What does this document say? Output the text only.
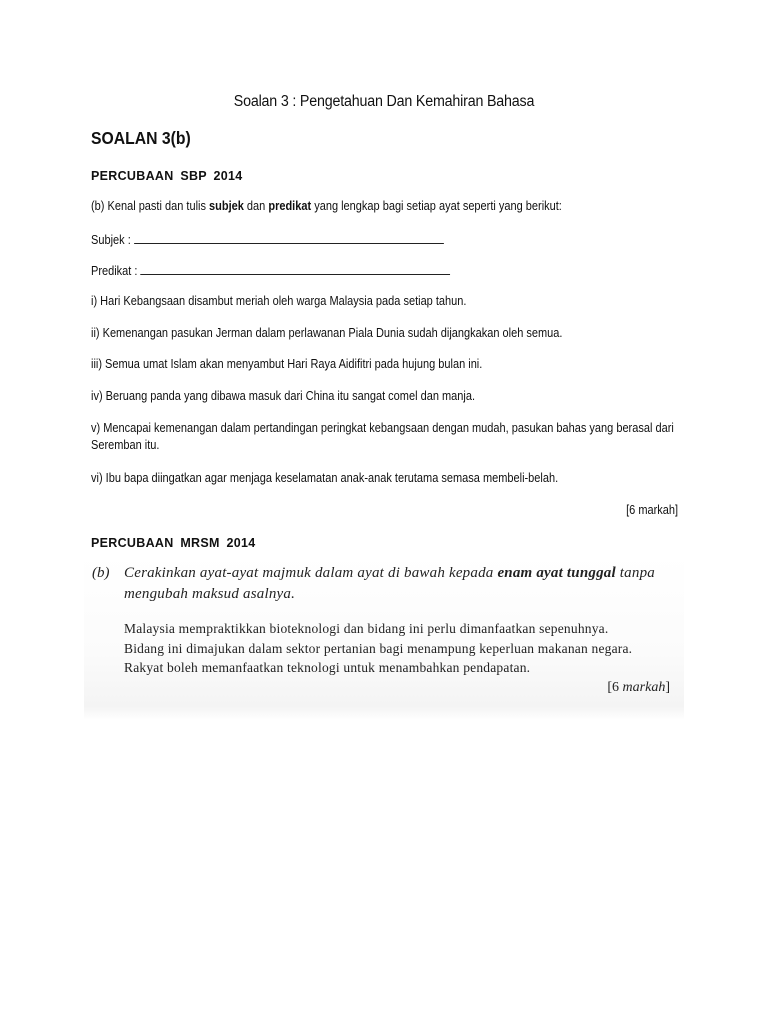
Soalan 3 : Pengetahuan Dan Kemahiran Bahasa
SOALAN 3(b)
PERCUBAAN SBP 2014
(b) Kenal pasti dan tulis subjek dan predikat yang lengkap bagi setiap ayat seperti yang berikut:
Subjek :
Predikat :
i) Hari Kebangsaan disambut meriah oleh warga Malaysia pada setiap tahun.
ii) Kemenangan pasukan Jerman dalam perlawanan Piala Dunia sudah dijangkakan oleh semua.
iii) Semua umat Islam akan menyambut Hari Raya Aidifitri pada hujung bulan ini.
iv) Beruang panda yang dibawa masuk dari China itu sangat comel dan manja.
v) Mencapai kemenangan dalam pertandingan peringkat kebangsaan dengan mudah, pasukan bahas yang berasal dari Seremban itu.
vi) Ibu bapa diingatkan agar menjaga keselamatan anak-anak terutama semasa membeli-belah.
[6 markah]
PERCUBAAN MRSM 2014
(b) Cerakinkan ayat-ayat majmuk dalam ayat di bawah kepada enam ayat tunggal tanpa
mengubah maksud asalnya.
Malaysia mempraktikkan bioteknologi dan bidang ini perlu dimanfaatkan sepenuhnya.
Bidang ini dimajukan dalam sektor pertanian bagi menampung keperluan makanan negara.
Rakyat boleh memanfaatkan teknologi untuk menambahkan pendapatan.
[6 markah]
